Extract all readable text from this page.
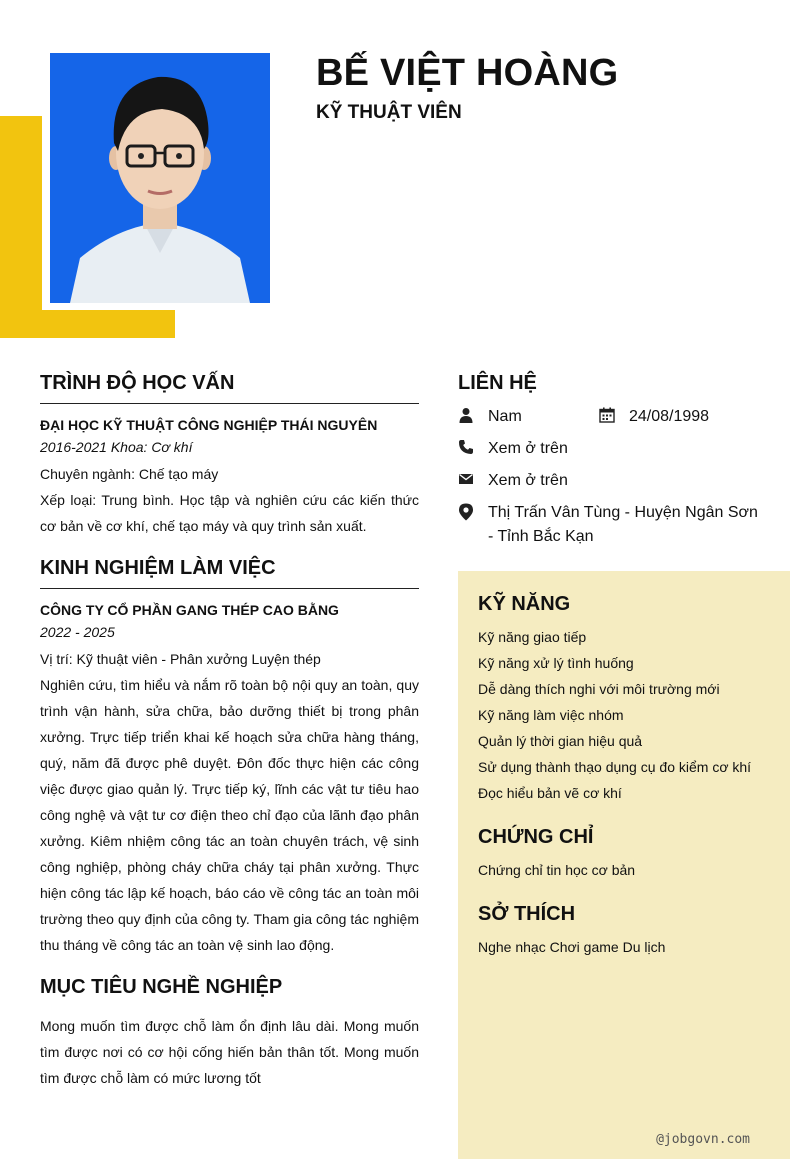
BẾ VIỆT HOÀNG
KỸ THUẬT VIÊN
TRÌNH ĐỘ HỌC VẤN

ĐẠI HỌC KỸ THUẬT CÔNG NGHIỆP THÁI NGUYÊN

2016-2021 Khoa: Cơ khí

Chuyên ngành: Chế tạo máy

Xếp loại: Trung bình. Học tập và nghiên cứu các kiến thức cơ bản về cơ khí, chế tạo máy và quy trình sản xuất.

KINH NGHIỆM LÀM VIỆC

CÔNG TY CỔ PHẦN GANG THÉP CAO BẰNG

2022 - 2025

Vị trí: Kỹ thuật viên - Phân xưởng Luyện thép

Nghiên cứu, tìm hiểu và nắm rõ toàn bộ nội quy an toàn, quy trình vận hành, sửa chữa, bảo dưỡng thiết bị trong phân xưởng. Trực tiếp triển khai kế hoạch sửa chữa hàng tháng, quý, năm đã được phê duyệt. Đôn đốc thực hiện các công việc được giao quản lý. Trực tiếp ký, lĩnh các vật tư tiêu hao công nghệ và vật tư cơ điện theo chỉ đạo của lãnh đạo phân xưởng. Kiêm nhiệm công tác an toàn chuyên trách, vệ sinh công nghiệp, phòng cháy chữa cháy tại phân xưởng. Thực hiện công tác lập kế hoạch, báo cáo về công tác an toàn môi trường theo quy định của công ty. Tham gia công tác nghiệm thu tháng về công tác an toàn vệ sinh lao động.

MỤC TIÊU NGHỀ NGHIỆP

Mong muốn tìm được chỗ làm ổn định lâu dài. Mong muốn tìm được nơi có cơ hội cống hiến bản thân tốt. Mong muốn tìm được chỗ làm có mức lương tốt

LIÊN HỆ
Nam	24/08/1998
Xem ở trên
Xem ở trên
Thị Trấn Vân Tùng - Huyện Ngân Sơn - Tỉnh Bắc Kạn
KỸ NĂNG

Kỹ năng giao tiếp

Kỹ năng xử lý tình huống

Dễ dàng thích nghi với môi trường mới

Kỹ năng làm việc nhóm

Quản lý thời gian hiệu quả

Sử dụng thành thạo dụng cụ đo kiểm cơ khí

Đọc hiểu bản vẽ cơ khí

CHỨNG CHỈ

Chứng chỉ tin học cơ bản

SỞ THÍCH

Nghe nhạc Chơi game Du lịch

@jobgovn.com
